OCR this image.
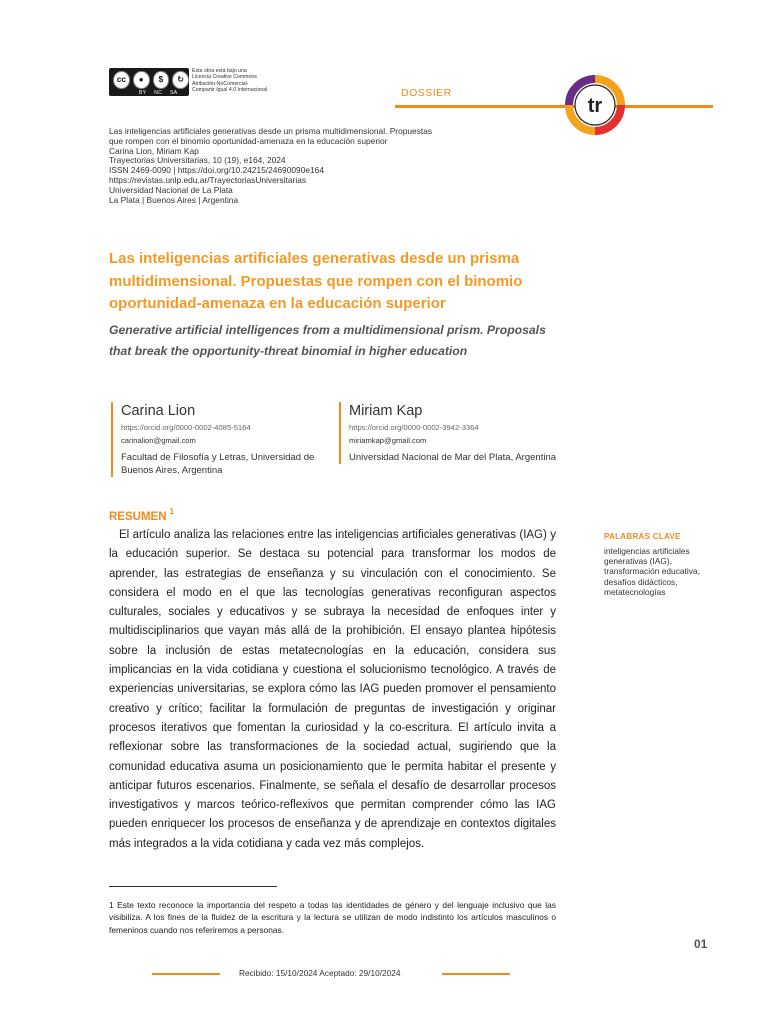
cc	●	$	↻
BY NC SA
Esta obra está bajo una
Licencia Creative Commons
Atribución-NoComercial-
Compartir Igual 4.0 Internacional	DOSSIER
tr
Las inteligencias artificiales generativas desde un prisma multidimensional. Propuestas
que rompen con el binomio oportunidad-amenaza en la educación superior
Carina Lion, Miriam Kap
Trayectorias Universitarias, 10 (19), e164, 2024
ISSN 2469-0090 | https://doi.org/10.24215/24690090e164
https://revistas.unlp.edu.ar/TrayectoriasUniversitarias
Universidad Nacional de La Plata
La Plata | Buenos Aires | Argentina
Las inteligencias artificiales generativas desde un prisma multidimensional. Propuestas que rompen con el binomio oportunidad-amenaza en la educación superior
Generative artificial intelligences from a multidimensional prism. Proposals that break the opportunity-threat binomial in higher education
Carina Lion
https://orcid.org/0000-0002-4085-5164
carinalion@gmail.com
Facultad de Filosofía y Letras, Universidad de Buenos Aires, Argentina
Miriam Kap
https://orcid.org/0000-0002-3942-3364
miriamkap@gmail.com
Universidad Nacional de Mar del Plata, Argentina
RESUMEN $^1$

El artículo analiza las relaciones entre las inteligencias artificiales generativas (IAG) y la educación superior. Se destaca su potencial para transformar los modos de aprender, las estrategias de enseñanza y su vinculación con el conocimiento. Se considera el modo en el que las tecnologías generativas reconfiguran aspectos culturales, sociales y educativos y se subraya la necesidad de enfoques inter y multidisciplinarios que vayan más allá de la prohibición. El ensayo plantea hipótesis sobre la inclusión de estas metatecnologías en la educación, considera sus implicancias en la vida cotidiana y cuestiona el solucionismo tecnológico. A través de experiencias universitarias, se explora cómo las IAG pueden promover el pensamiento creativo y crítico; facilitar la formulación de preguntas de investigación y originar procesos iterativos que fomentan la curiosidad y la co-escritura. El artículo invita a reflexionar sobre las transformaciones de la sociedad actual, sugiriendo que la comunidad educativa asuma un posicionamiento que le permita habitar el presente y anticipar futuros escenarios. Finalmente, se señala el desafío de desarrollar procesos investigativos y marcos teórico-reflexivos que permitan comprender cómo las IAG pueden enriquecer los procesos de enseñanza y de aprendizaje en contextos digitales más integrados a la vida cotidiana y cada vez más complejos.

PALABRAS CLAVE
inteligencias artificiales generativas (IAG), transformación educativa, desafíos didácticos, metatecnologías
1 Este texto reconoce la importancia del respeto a todas las identidades de género y del lenguaje inclusivo que las visibiliza. A los fines de la fluidez de la escritura y la lectura se utilizan de modo indistinto los artículos masculinos o femeninos cuando nos referiremos a personas.
01
Recibido: 15/10/2024 Aceptado: 29/10/2024
